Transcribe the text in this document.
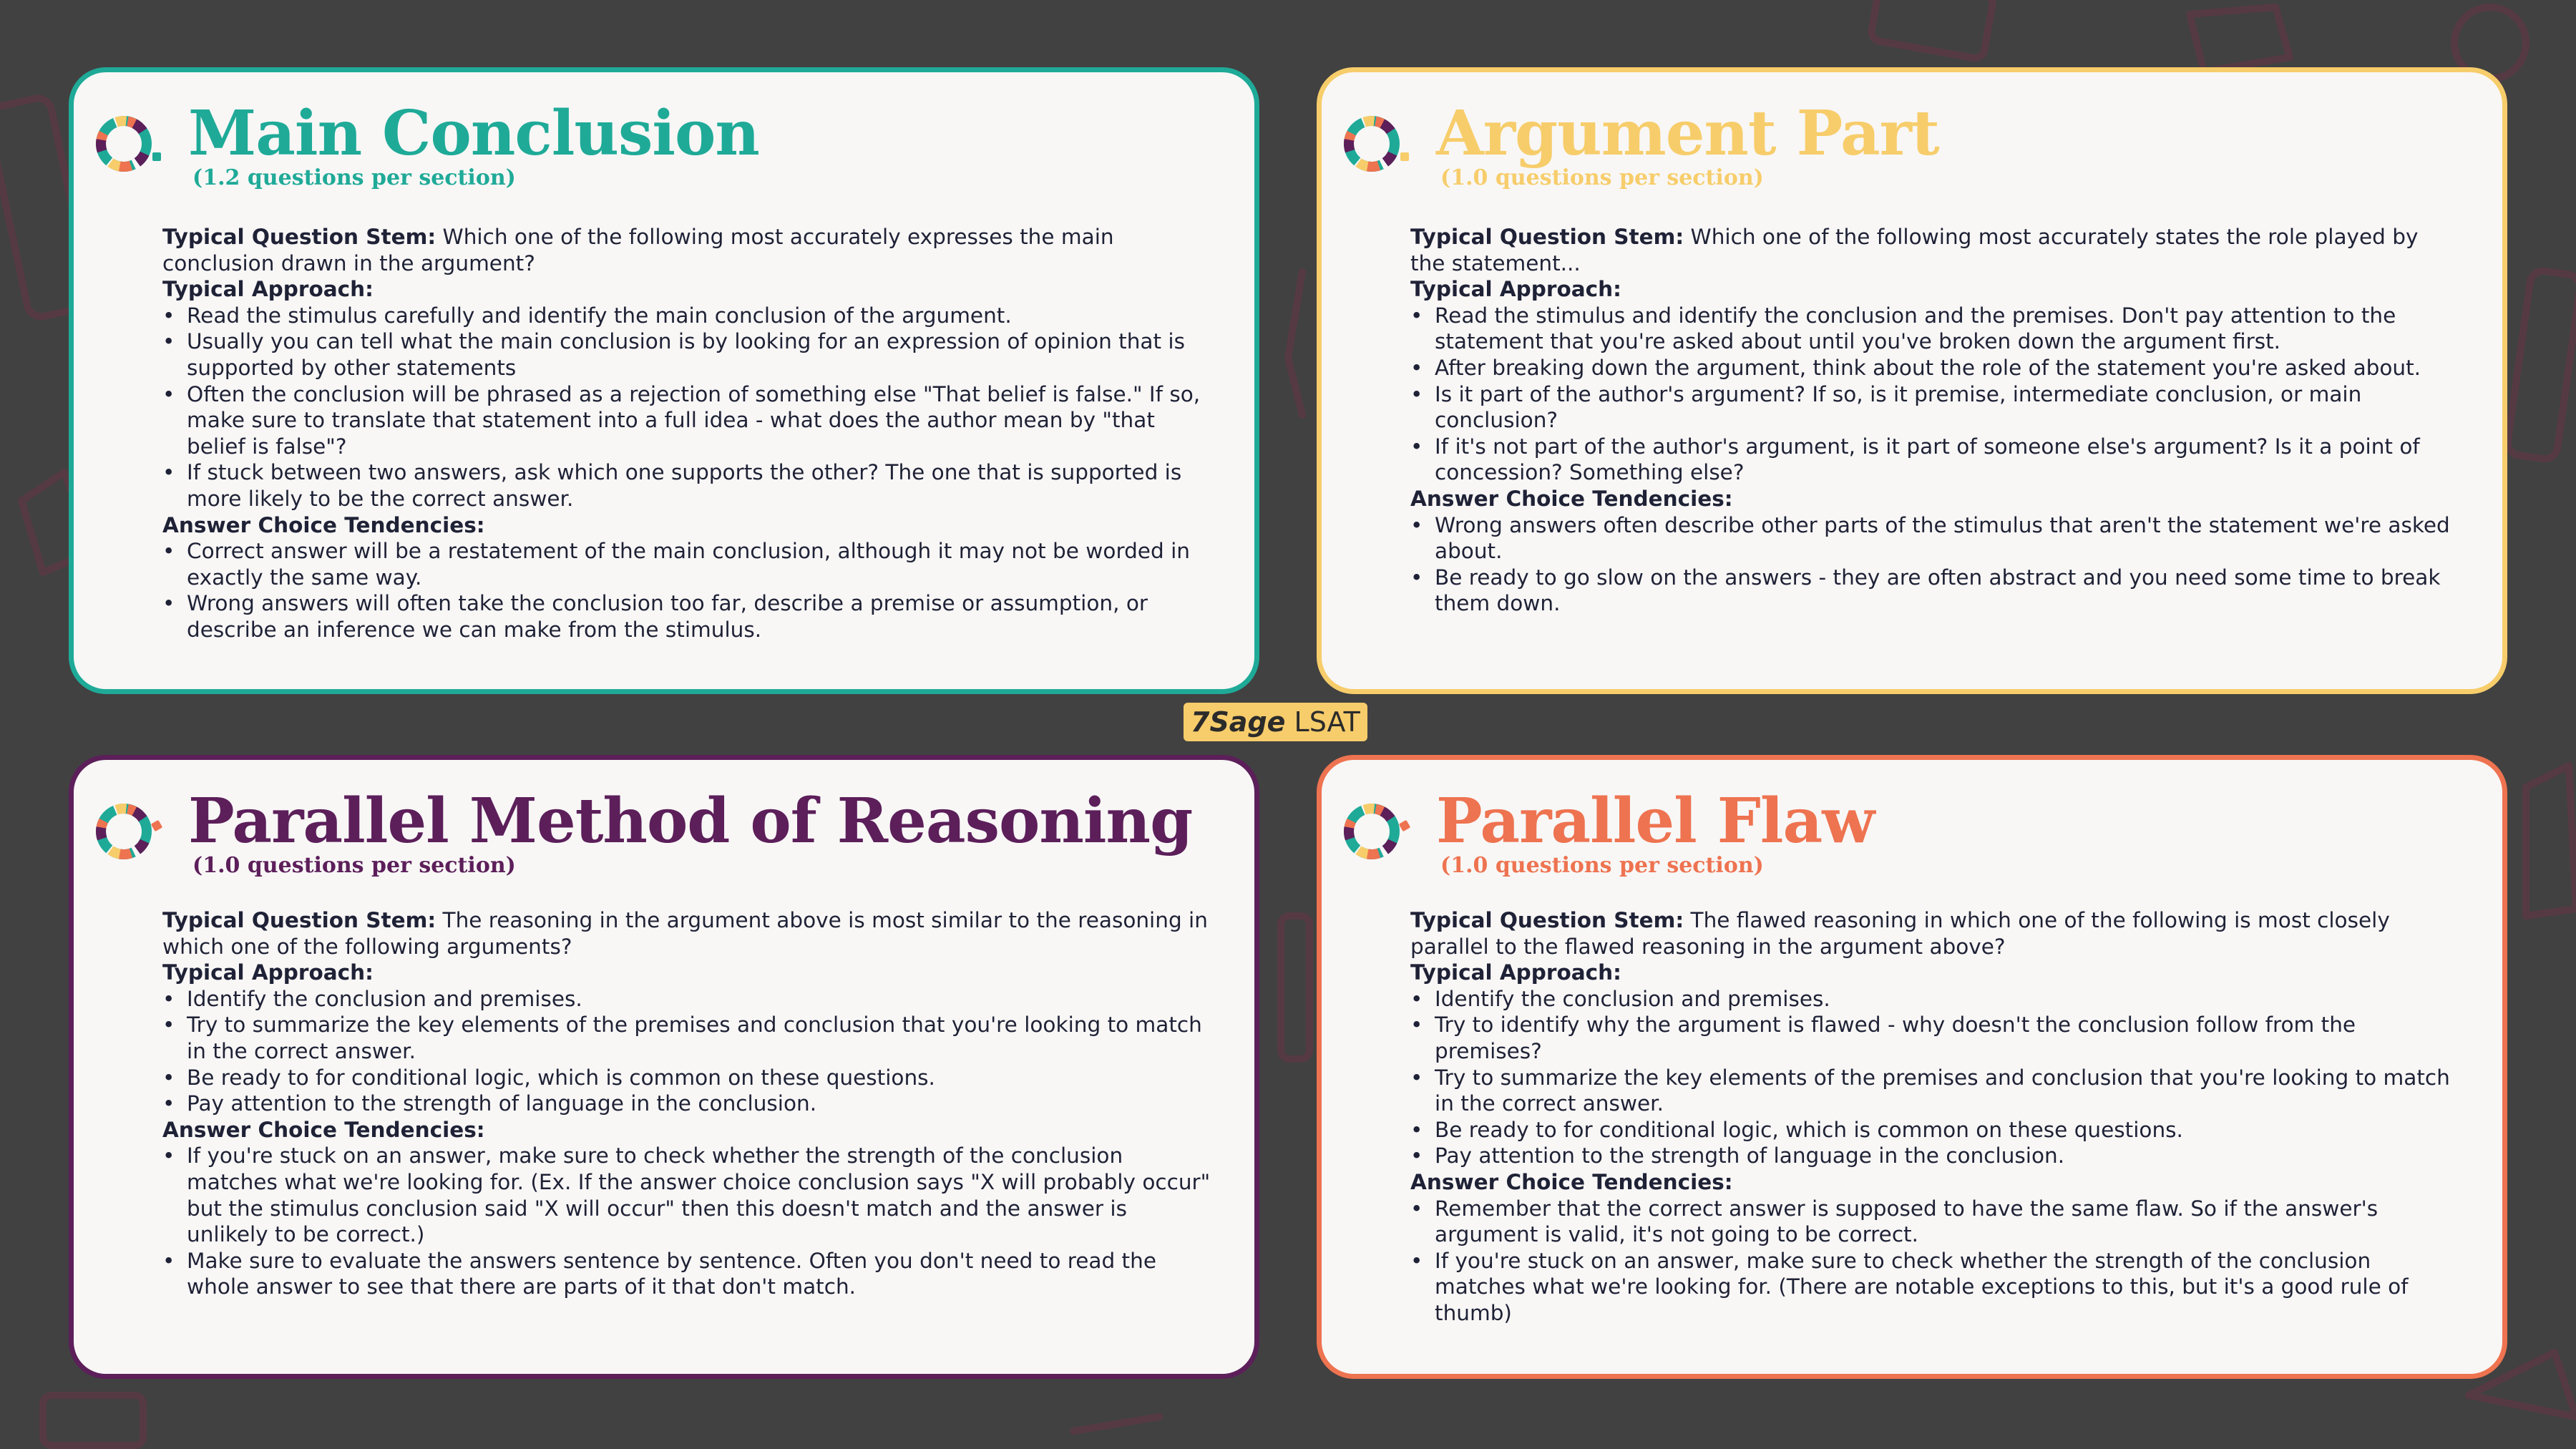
Main Conclusion

(1.2 questions per section)

Typical Question Stem: Which one of the following most accurately expresses the main conclusion drawn in the argument?

Typical Approach:

• Read the stimulus carefully and identify the main conclusion of the argument.
• Usually you can tell what the main conclusion is by looking for an expression of opinion that is supported by other statements
• Often the conclusion will be phrased as a rejection of something else "That belief is false." If so, make sure to translate that statement into a full idea - what does the author mean by "that belief is false"?
• If stuck between two answers, ask which one supports the other? The one that is supported is more likely to be the correct answer.

Answer Choice Tendencies:

• Correct answer will be a restatement of the main conclusion, although it may not be worded in exactly the same way.
• Wrong answers will often take the conclusion too far, describe a premise or assumption, or describe an inference we can make from the stimulus.
Argument Part

(1.0 questions per section)

Typical Question Stem: Which one of the following most accurately states the role played by the statement...

Typical Approach:

• Read the stimulus and identify the conclusion and the premises. Don't pay attention to the statement that you're asked about until you've broken down the argument first.
• After breaking down the argument, think about the role of the statement you're asked about.
• Is it part of the author's argument? If so, is it premise, intermediate conclusion, or main conclusion?
• If it's not part of the author's argument, is it part of someone else's argument? Is it a point of concession? Something else?

Answer Choice Tendencies:

• Wrong answers often describe other parts of the stimulus that aren't the statement we're asked about.
• Be ready to go slow on the answers - they are often abstract and you need some time to break them down.
7Sage LSAT
Parallel Method of Reasoning

(1.0 questions per section)

Typical Question Stem: The reasoning in the argument above is most similar to the reasoning in which one of the following arguments?

Typical Approach:

• Identify the conclusion and premises.
• Try to summarize the key elements of the premises and conclusion that you're looking to match in the correct answer.
• Be ready to for conditional logic, which is common on these questions.
• Pay attention to the strength of language in the conclusion.

Answer Choice Tendencies:

• If you're stuck on an answer, make sure to check whether the strength of the conclusion matches what we're looking for. (Ex. If the answer choice conclusion says "X will probably occur" but the stimulus conclusion said "X will occur" then this doesn't match and the answer is unlikely to be correct.)
• Make sure to evaluate the answers sentence by sentence. Often you don't need to read the whole answer to see that there are parts of it that don't match.
Parallel Flaw

(1.0 questions per section)

Typical Question Stem: The flawed reasoning in which one of the following is most closely parallel to the flawed reasoning in the argument above?

Typical Approach:

• Identify the conclusion and premises.
• Try to identify why the argument is flawed - why doesn't the conclusion follow from the premises?
• Try to summarize the key elements of the premises and conclusion that you're looking to match in the correct answer.
• Be ready to for conditional logic, which is common on these questions.
• Pay attention to the strength of language in the conclusion.

Answer Choice Tendencies:

• Remember that the correct answer is supposed to have the same flaw. So if the answer's argument is valid, it's not going to be correct.
• If you're stuck on an answer, make sure to check whether the strength of the conclusion matches what we're looking for. (There are notable exceptions to this, but it's a good rule of thumb)
